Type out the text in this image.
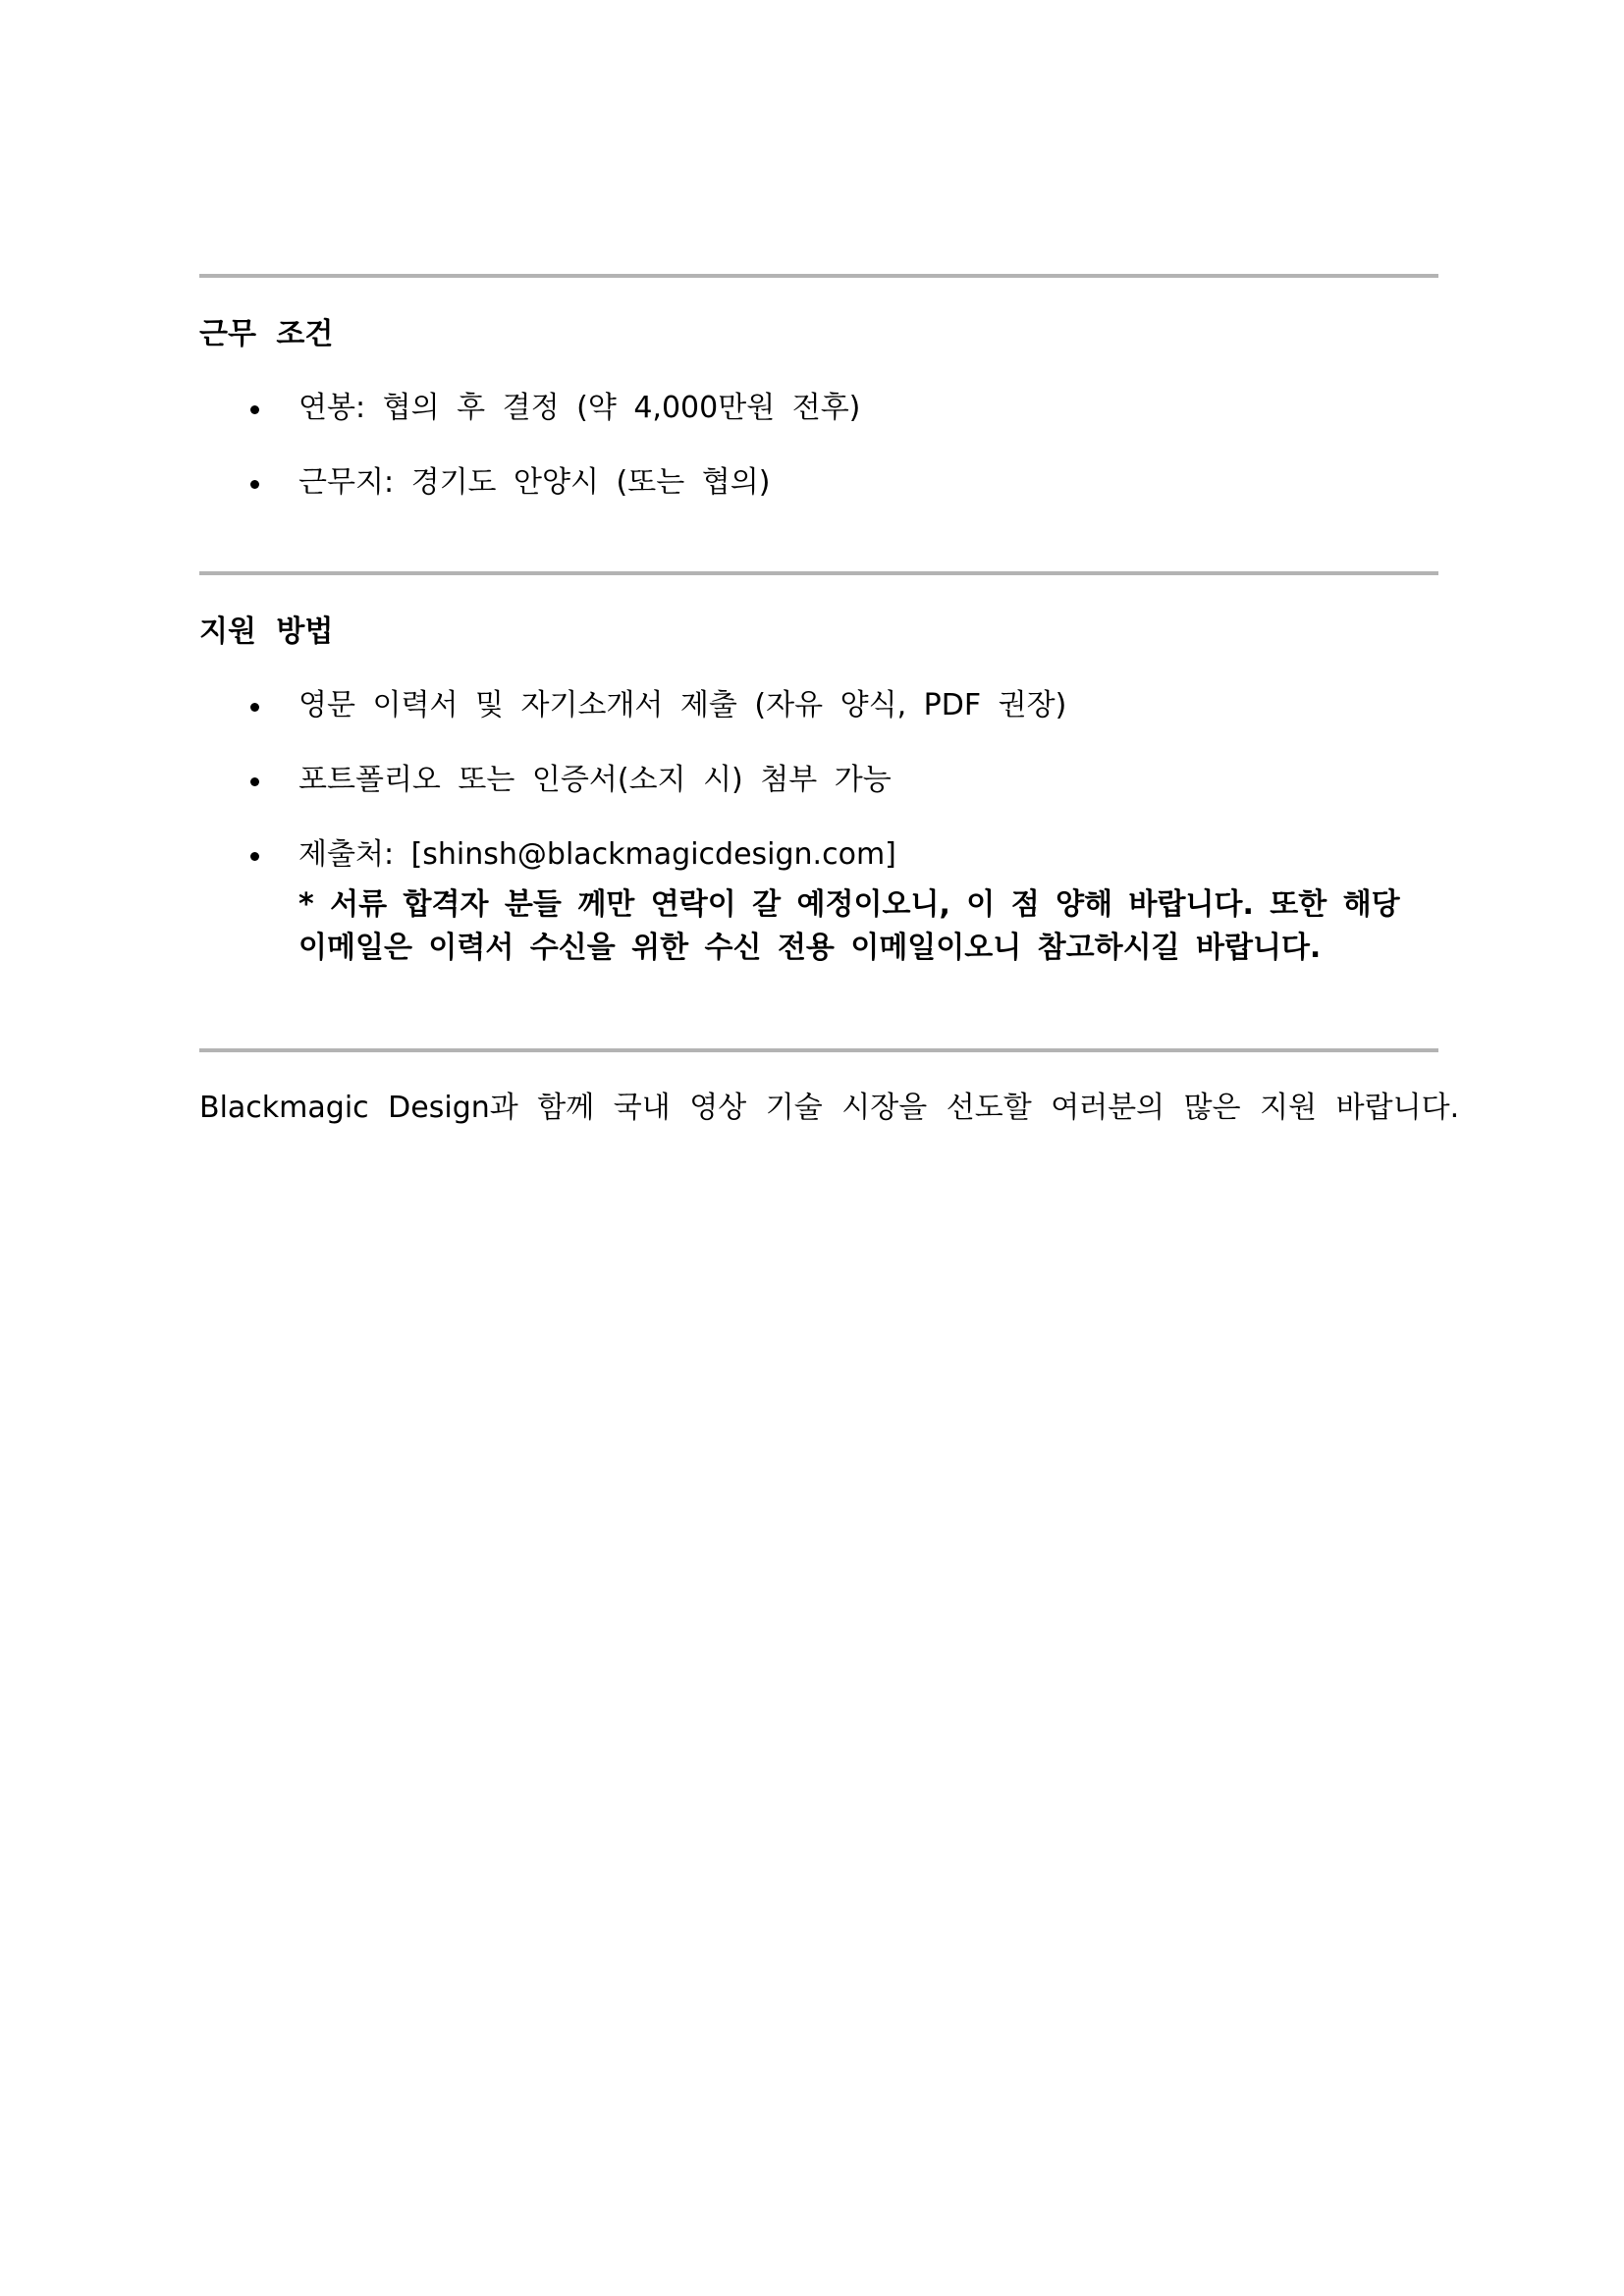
근무 조건
연봉: 협의 후 결정 (약 4,000만원 전후)
근무지: 경기도 안양시 (또는 협의)
지원 방법
영문 이력서 및 자기소개서 제출 (자유 양식, PDF 권장)
포트폴리오 또는 인증서(소지 시) 첨부 가능
제출처: [shinsh@blackmagicdesign.com]
* 서류 합격자 분들 께만 연락이 갈 예정이오니, 이 점 양해 바랍니다. 또한 해당
이메일은 이력서 수신을 위한 수신 전용 이메일이오니 참고하시길 바랍니다.
Blackmagic Design과 함께 국내 영상 기술 시장을 선도할 여러분의 많은 지원 바랍니다.
